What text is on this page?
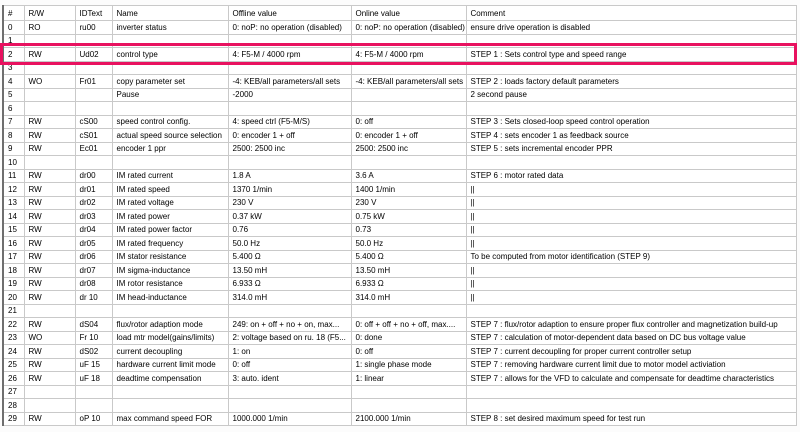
#	R/W	IDText	Name	Offline value	Online value	Comment
0	RO	ru00	inverter status	0: noP: no operation (disabled)	0: noP: no operation (disabled)	ensure drive operation is disabled
1						
2	RW	Ud02	control type	4: F5-M / 4000 rpm	4: F5-M / 4000 rpm	STEP 1 : Sets control type and speed range
3						
4	WO	Fr01	copy parameter set	-4: KEB/all parameters/all sets	-4: KEB/all parameters/all sets	STEP 2 : loads factory default parameters
5			Pause	-2000		2 second pause
6						
7	RW	cS00	speed control config.	4: speed ctrl (F5-M/S)	0: off	STEP 3 : Sets closed-loop speed control operation
8	RW	cS01	actual speed source selection	0: encoder 1 + off	0: encoder 1 + off	STEP 4 : sets encoder 1 as feedback source
9	RW	Ec01	encoder 1 ppr	2500: 2500 inc	2500: 2500 inc	STEP 5 : sets incremental encoder PPR
10						
11	RW	dr00	IM rated current	1.8 A	3.6 A	STEP 6 : motor rated data
12	RW	dr01	IM rated speed	1370 1/min	1400 1/min	||
13	RW	dr02	IM rated voltage	230 V	230 V	||
14	RW	dr03	IM rated power	0.37 kW	0.75 kW	||
15	RW	dr04	IM rated power factor	0.76	0.73	||
16	RW	dr05	IM rated frequency	50.0 Hz	50.0 Hz	||
17	RW	dr06	IM stator resistance	5.400 Ω	5.400 Ω	To be computed from motor identification (STEP 9)
18	RW	dr07	IM sigma-inductance	13.50 mH	13.50 mH	||
19	RW	dr08	IM rotor resistance	6.933 Ω	6.933 Ω	||
20	RW	dr 10	IM head-inductance	314.0 mH	314.0 mH	||
21						
22	RW	dS04	flux/rotor adaption mode	249: on + off + no + on, max...	0: off + off + no + off, max....	STEP 7 : flux/rotor adaption to ensure proper flux controller and magnetization build-up
23	WO	Fr 10	load mtr model(gains/limits)	2: voltage based on ru. 18 (F5...	0: done	STEP 7 : calculation of motor-dependent data based on DC bus voltage value
24	RW	dS02	current decoupling	1: on	0: off	STEP 7 : current decoupling for proper current controller setup
25	RW	uF 15	hardware current limit mode	0: off	1: single phase mode	STEP 7 : removing hardware current limit due to motor model activiation
26	RW	uF 18	deadtime compensation	3: auto. ident	1: linear	STEP 7 : allows for the VFD to calculate and compensate for deadtime characteristics
27						
28						
29	RW	oP 10	max command speed FOR	1000.000 1/min	2100.000 1/min	STEP 8 : set desired maximum speed for test run
